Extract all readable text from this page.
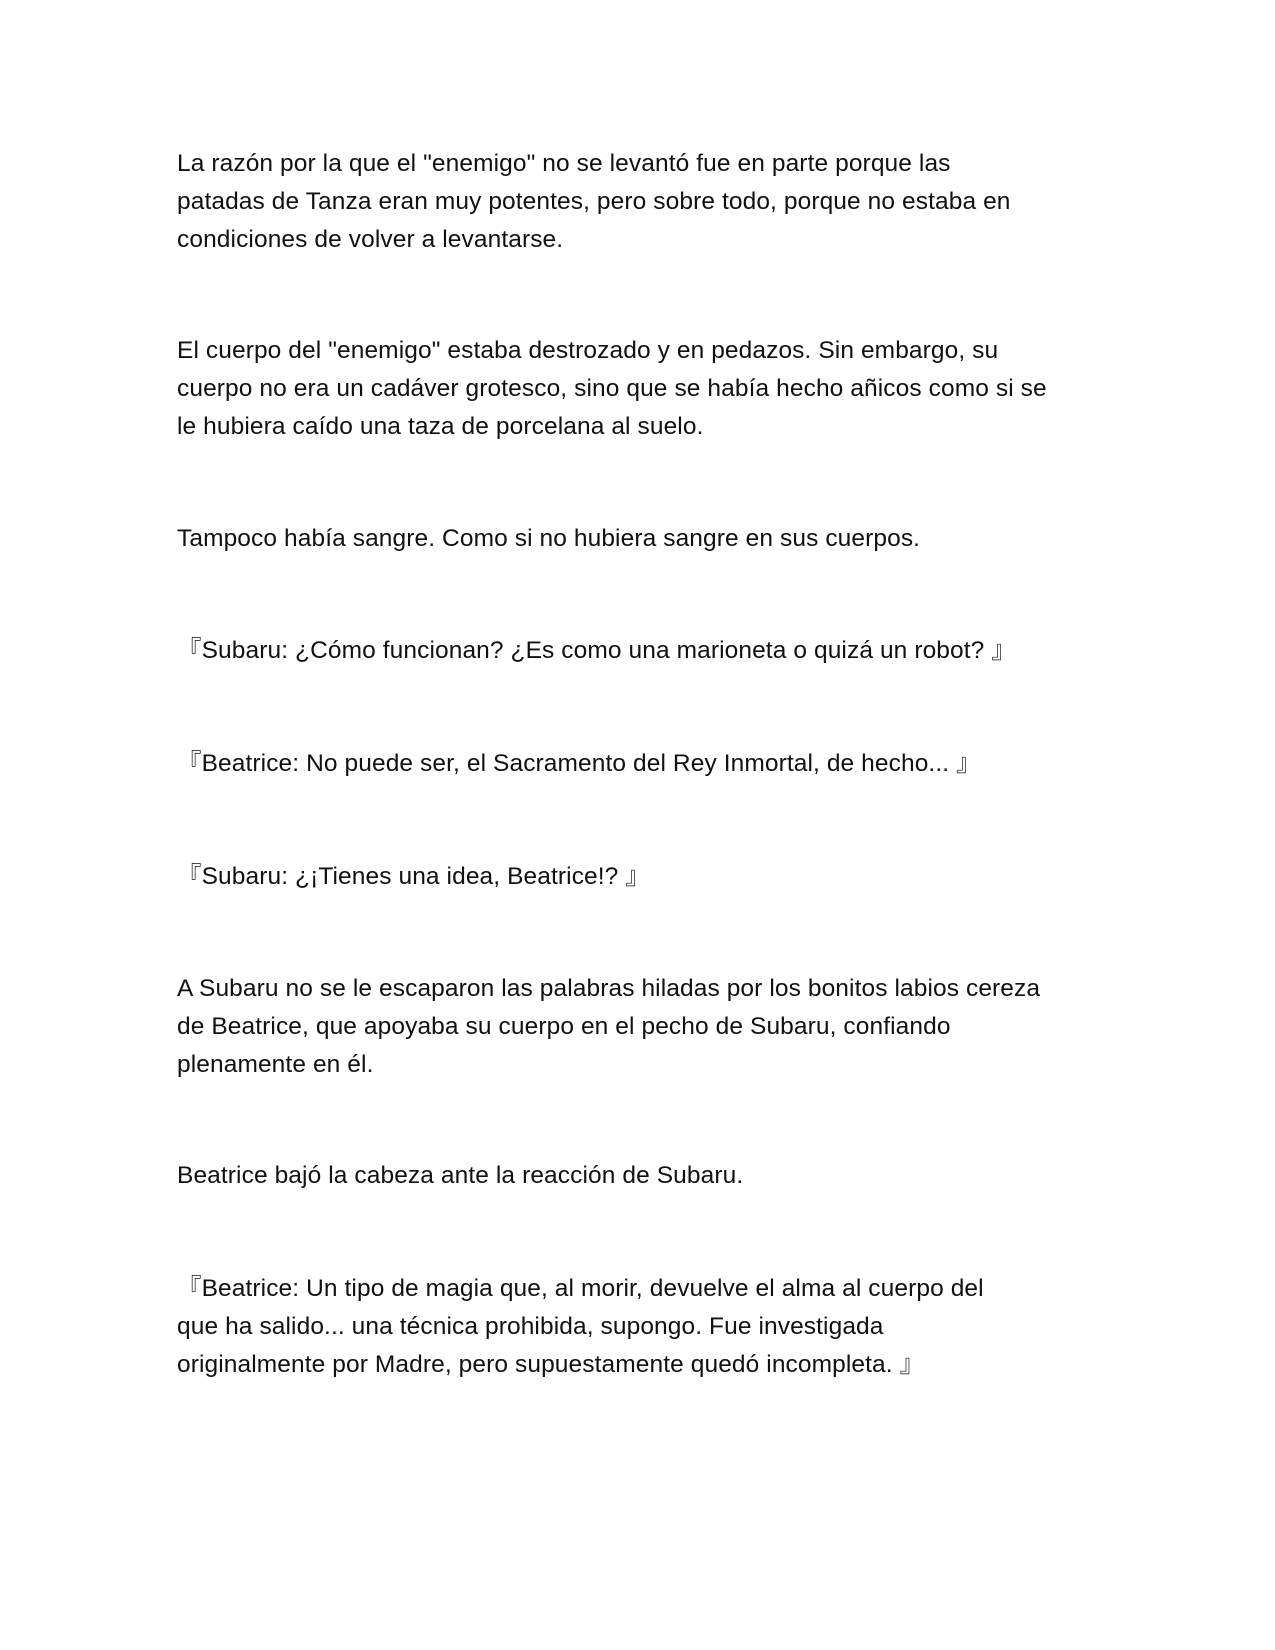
La razón por la que el "enemigo" no se levantó fue en parte porque las
patadas de Tanza eran muy potentes, pero sobre todo, porque no estaba en
condiciones de volver a levantarse.

El cuerpo del "enemigo" estaba destrozado y en pedazos. Sin embargo, su
cuerpo no era un cadáver grotesco, sino que se había hecho añicos como si se
le hubiera caído una taza de porcelana al suelo.

Tampoco había sangre. Como si no hubiera sangre en sus cuerpos.

『Subaru: ¿Cómo funcionan? ¿Es como una marioneta o quizá un robot? 』

『Beatrice: No puede ser, el Sacramento del Rey Inmortal, de hecho... 』

『Subaru: ¿¡Tienes una idea, Beatrice!? 』

A Subaru no se le escaparon las palabras hiladas por los bonitos labios cereza
de Beatrice, que apoyaba su cuerpo en el pecho de Subaru, confiando
plenamente en él.

Beatrice bajó la cabeza ante la reacción de Subaru.

『Beatrice: Un tipo de magia que, al morir, devuelve el alma al cuerpo del
que ha salido... una técnica prohibida, supongo. Fue investigada
originalmente por Madre, pero supuestamente quedó incompleta. 』
